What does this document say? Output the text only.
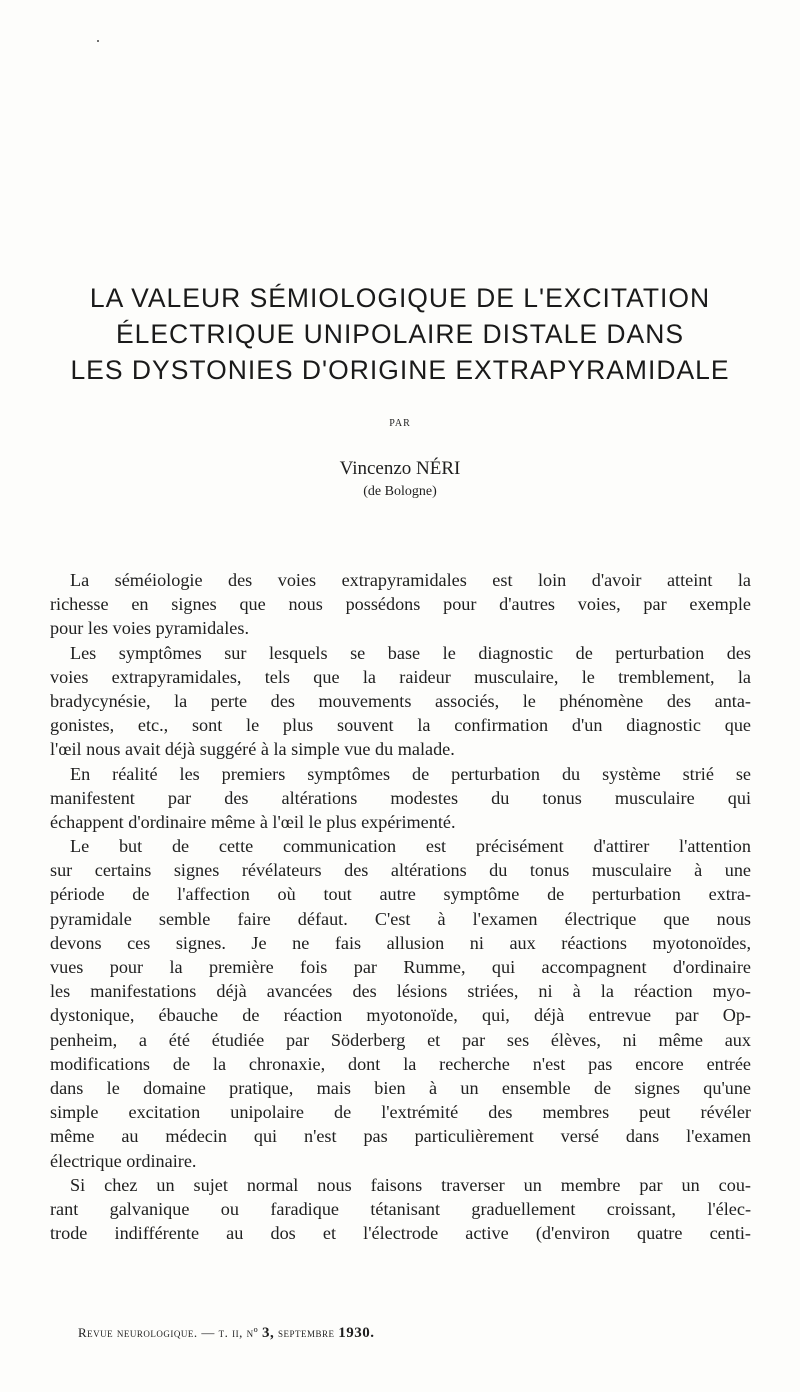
LA VALEUR SÉMIOLOGIQUE DE L'EXCITATION
ÉLECTRIQUE UNIPOLAIRE DISTALE DANS
LES DYSTONIES D'ORIGINE EXTRAPYRAMIDALE
PAR
Vincenzo NÉRI
(de Bologne)
La séméiologie des voies extrapyramidales est loin d'avoir atteint la
richesse en signes que nous possédons pour d'autres voies, par exemple
pour les voies pyramidales.
Les symptômes sur lesquels se base le diagnostic de perturbation des
voies extrapyramidales, tels que la raideur musculaire, le tremblement, la
bradycynésie, la perte des mouvements associés, le phénomène des anta-
gonistes, etc., sont le plus souvent la confirmation d'un diagnostic que
l'œil nous avait déjà suggéré à la simple vue du malade.
En réalité les premiers symptômes de perturbation du système strié se
manifestent par des altérations modestes du tonus musculaire qui
échappent d'ordinaire même à l'œil le plus expérimenté.
Le but de cette communication est précisément d'attirer l'attention
sur certains signes révélateurs des altérations du tonus musculaire à une
période de l'affection où tout autre symptôme de perturbation extra-
pyramidale semble faire défaut. C'est à l'examen électrique que nous
devons ces signes. Je ne fais allusion ni aux réactions myotonoïdes,
vues pour la première fois par Rumme, qui accompagnent d'ordinaire
les manifestations déjà avancées des lésions striées, ni à la réaction myo-
dystonique, ébauche de réaction myotonoïde, qui, déjà entrevue par Op-
penheim, a été étudiée par Söderberg et par ses élèves, ni même aux
modifications de la chronaxie, dont la recherche n'est pas encore entrée
dans le domaine pratique, mais bien à un ensemble de signes qu'une
simple excitation unipolaire de l'extrémité des membres peut révéler
même au médecin qui n'est pas particulièrement versé dans l'examen
électrique ordinaire.
Si chez un sujet normal nous faisons traverser un membre par un cou-
rant galvanique ou faradique tétanisant graduellement croissant, l'élec-
trode indifférente au dos et l'électrode active (d'environ quatre centi-
Revue neurologique. — t. ii, nº 3, septembre 1930.
